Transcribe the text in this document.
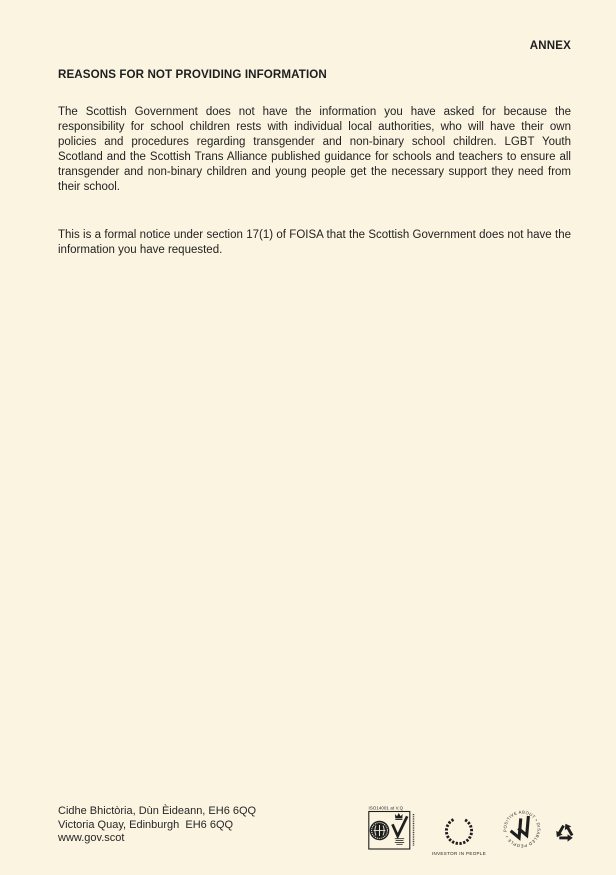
ANNEX
REASONS FOR NOT PROVIDING INFORMATION

The Scottish Government does not have the information you have asked for because the responsibility for school children rests with individual local authorities, who will have their own policies and procedures regarding transgender and non-binary school children. LGBT Youth Scotland and the Scottish Trans Alliance published guidance for schools and teachers to ensure all transgender and non-binary children and young people get the necessary support they need from their school.

This is a formal notice under section 17(1) of FOISA that the Scottish Government does not have the information you have requested.

Cidhe Bhictòria, Dùn Èideann, EH6 6QQ
Victoria Quay, Edinburgh  EH6 6QQ
www.gov.scot
ISO14001 at V.Q
INVESTOR IN PEOPLE
POSITIVE ABOUT • DISABLED PEOPLE •
